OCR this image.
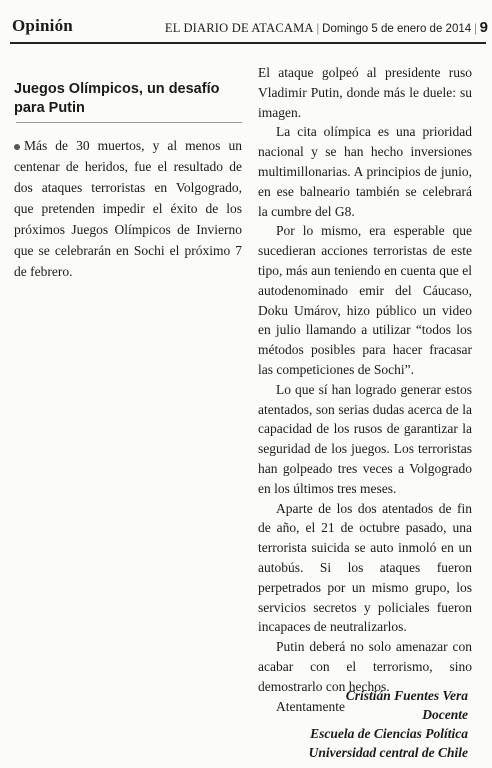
Opinión	EL DIARIO DE ATACAMA | Domingo 5 de enero de 2014 | 9
Juegos Olímpicos, un desafío para Putin
Más de 30 muertos, y al menos un centenar de heridos, fue el resultado de dos ataques terroristas en Volgogrado, que pretenden impedir el éxito de los próximos Juegos Olímpicos de Invierno que se celebrarán en Sochi el próximo 7 de febrero.

El ataque golpeó al presidente ruso Vladimir Putin, donde más le duele: su imagen.

La cita olímpica es una prioridad nacional y se han hecho inversiones multimillonarias. A principios de junio, en ese balneario también se celebrará la cumbre del G8.

Por lo mismo, era esperable que sucedieran acciones terroristas de este tipo, más aun teniendo en cuenta que el autodenominado emir del Cáucaso, Doku Umárov, hizo público un video en julio llamando a utilizar “todos los métodos posibles para hacer fracasar las competiciones de Sochi”.

Lo que sí han logrado generar estos atentados, son serias dudas acerca de la capacidad de los rusos de garantizar la seguridad de los juegos. Los terroristas han golpeado tres veces a Volgogrado en los últimos tres meses.

Aparte de los dos atentados de fin de año, el 21 de octubre pasado, una terrorista suicida se auto inmoló en un autobús. Si los ataques fueron perpetrados por un mismo grupo, los servicios secretos y policiales fueron incapaces de neutralizarlos.

Putin deberá no solo amenazar con acabar con el terrorismo, sino demostrarlo con hechos.

Atentamente

Cristián Fuentes Vera
Docente
Escuela de Ciencias Política
Universidad central de Chile
